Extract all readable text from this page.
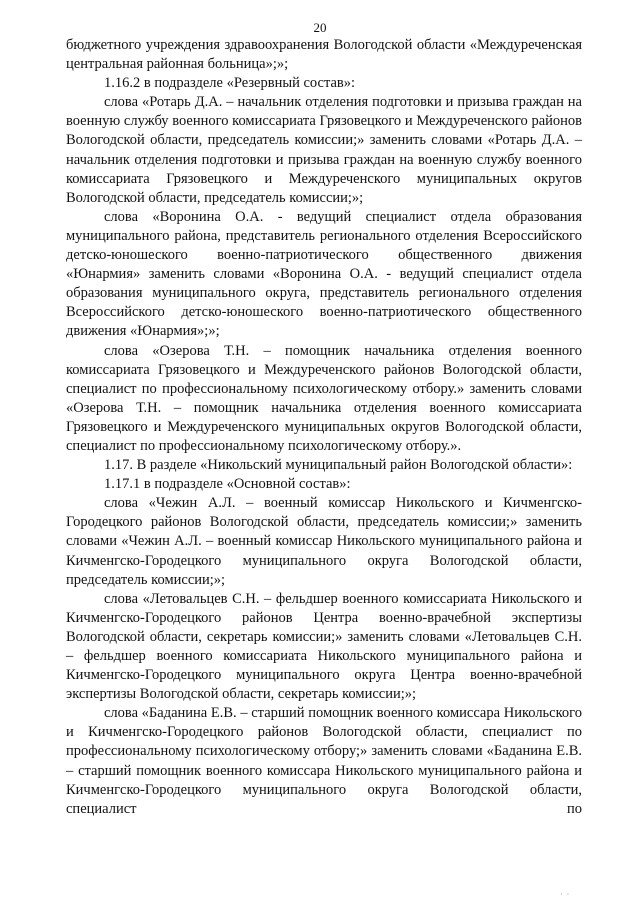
20

бюджетного учреждения здравоохранения Вологодской области «Междуреченская центральная районная больница»;»;

1.16.2 в подразделе «Резервный состав»:

слова «Ротарь Д.А. – начальник отделения подготовки и призыва граждан на военную службу военного комиссариата Грязовецкого и Междуреченского районов Вологодской области, председатель комиссии;» заменить словами «Ротарь Д.А. – начальник отделения подготовки и призыва граждан на военную службу военного комиссариата Грязовецкого и Междуреченского муниципальных округов Вологодской области, председатель комиссии;»;

слова «Воронина О.А. - ведущий специалист отдела образования муниципального района, представитель регионального отделения Всероссийского детско-юношеского военно-патриотического общественного движения «Юнармия» заменить словами «Воронина О.А. - ведущий специалист отдела образования муниципального округа, представитель регионального отделения Всероссийского детско-юношеского военно-патриотического общественного движения «Юнармия»;»;

слова «Озерова Т.Н. – помощник начальника отделения военного комиссариата Грязовецкого и Междуреченского районов Вологодской области, специалист по профессиональному психологическому отбору.» заменить словами «Озерова Т.Н. – помощник начальника отделения военного комиссариата Грязовецкого и Междуреченского муниципальных округов Вологодской области, специалист по профессиональному психологическому отбору.».

1.17. В разделе «Никольский муниципальный район Вологодской области»:

1.17.1 в подразделе «Основной состав»:

слова «Чежин А.Л. – военный комиссар Никольского и Кичменгско-Городецкого районов Вологодской области, председатель комиссии;» заменить словами «Чежин А.Л. – военный комиссар Никольского муниципального района и Кичменгско-Городецкого муниципального округа Вологодской области, председатель комиссии;»;

слова «Летовальцев С.Н. – фельдшер военного комиссариата Никольского и Кичменгско-Городецкого районов Центра военно-врачебной экспертизы Вологодской области, секретарь комиссии;» заменить словами «Летовальцев С.Н. – фельдшер военного комиссариата Никольского муниципального района и Кичменгско-Городецкого муниципального округа Центра военно-врачебной экспертизы Вологодской области, секретарь комиссии;»;

слова «Баданина Е.В. – старший помощник военного комиссара Никольского и Кичменгско-Городецкого районов Вологодской области, специалист по профессиональному психологическому отбору;» заменить словами «Баданина Е.В. – старший помощник военного комиссара Никольского муниципального района и Кичменгско-Городецкого муниципального округа Вологодской области, специалист по

· ·
